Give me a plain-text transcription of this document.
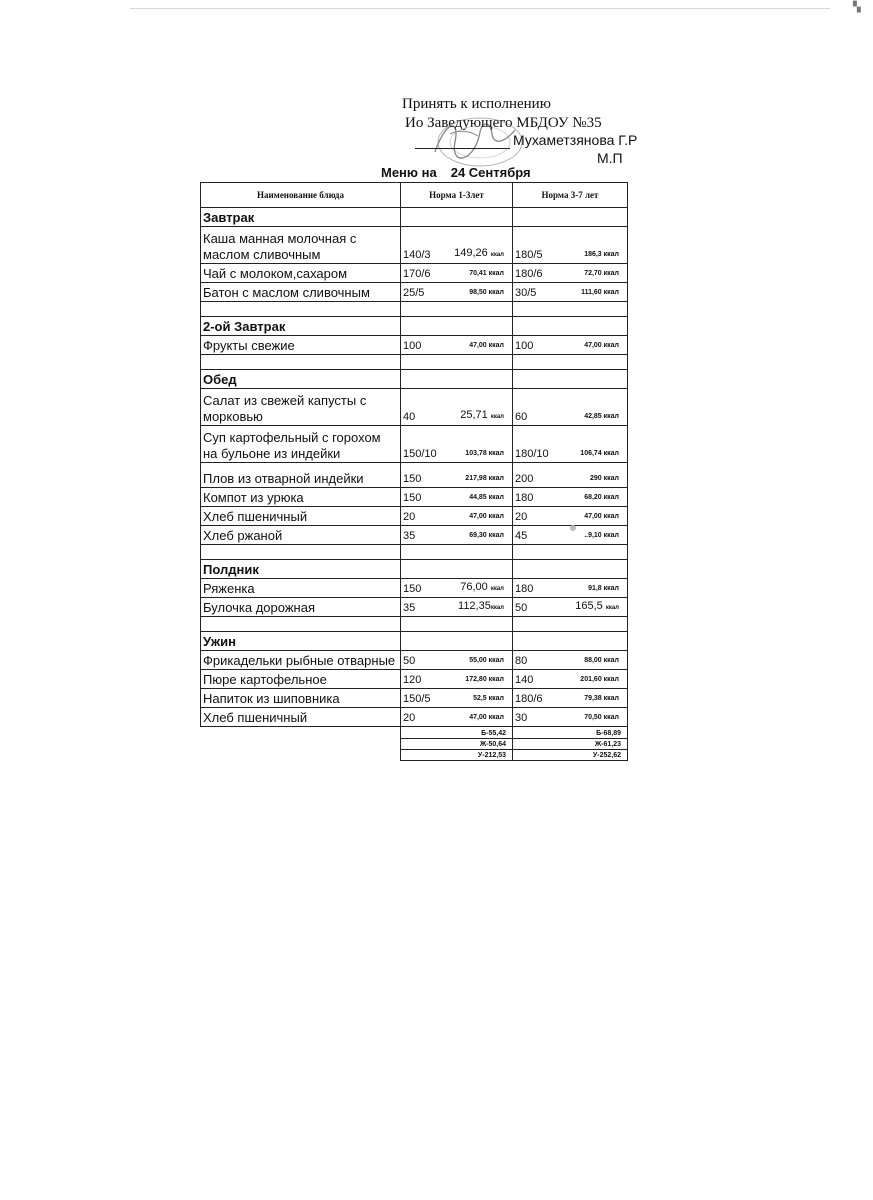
▚
Принять к исполнению
Ио Заведующего МБДОУ №35
Мухаметзянова Г.Р
М.П
Меню на 24 Сентября
Наименование блюда	Норма 1-3лет	Норма 3-7 лет
Завтрак		
Каша манная молочная с маслом сливочным	140/3 149,26 ккал	180/5 186,3 ккал

Чай с молоком,сахаром	170/6 70,41 ккал	180/6 72,70 ккал

Батон с маслом сливочным	25/5 98,50 ккал	30/5 111,60 ккал

2-ой Завтрак		
Фрукты свежие	100 47,00 ккал	100 47,00 ккал

Обед		
Салат из свежей капусты с морковью	40 25,71 ккал	60 42,85 ккал

Суп картофельный с горохом на бульоне из индейки	150/10 103,78 ккал	180/10 106,74 ккал

Плов из отварной индейки	150 217,98 ккал	200 290 ккал

Компот из урюка	150 44,85 ккал	180 68,20 ккал

Хлеб пшеничный	20 47,00 ккал	20 47,00 ккал

Хлеб ржаной	35 69,30 ккал	45 ..9,10 ккал

Полдник		
Ряженка	150 76,00 ккал	180 91,8 ккал

Булочка дорожная	35 112,35ккал	50 165,5 ккал

Ужин		
Фрикадельки рыбные отварные	50 55,00 ккал	80 88,00 ккал

Пюре картофельное	120 172,80 ккал	140 201,60 ккал

Напиток из шиповника	150/5 52,5 ккал	180/6 79,38 ккал

Хлеб пшеничный	20 47,00 ккал	30 70,50 ккал

	Б-55,42	Б-68,89
	Ж-50,64	Ж-61,23
	У-212,53	У-252,62
